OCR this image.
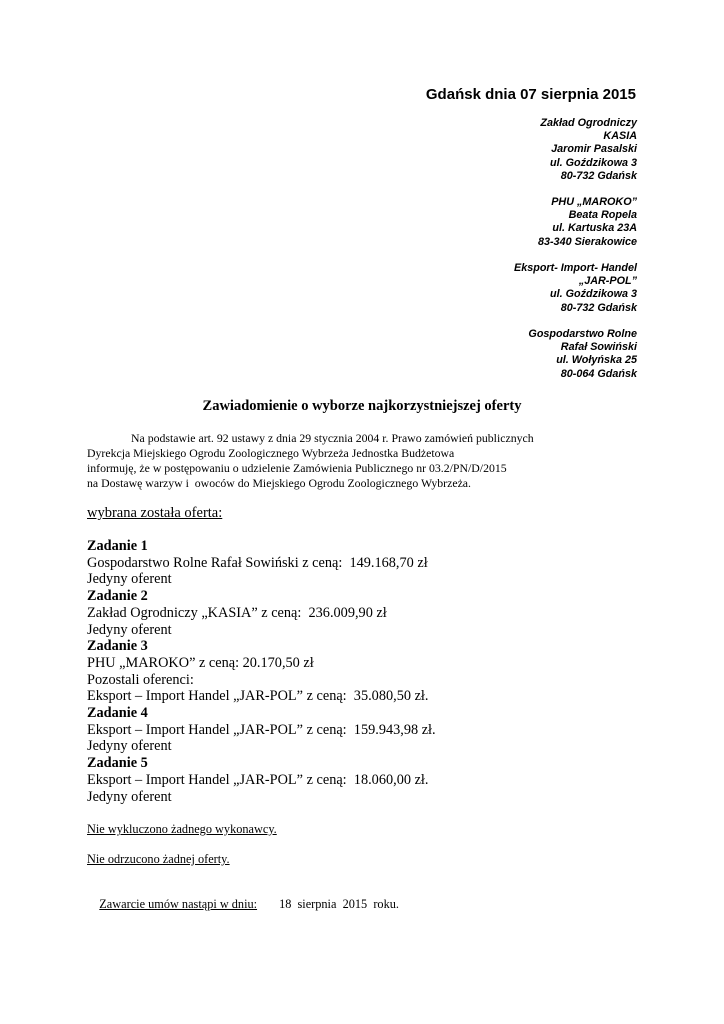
Gdańsk dnia 07 sierpnia 2015
Zakład Ogrodniczy
KASIA
Jaromir Pasalski
ul. Goździkowa 3
80-732 Gdańsk
PHU „MAROKO”
Beata Ropela
ul. Kartuska 23A
83-340 Sierakowice
Eksport- Import- Handel
„JAR-POL”
ul. Goździkowa 3
80-732 Gdańsk
Gospodarstwo Rolne
Rafał Sowiński
ul. Wołyńska 25
80-064 Gdańsk
Zawiadomienie o wyborze najkorzystniejszej oferty
Na podstawie art. 92 ustawy z dnia 29 stycznia 2004 r. Prawo zamówień publicznych
Dyrekcja Miejskiego Ogrodu Zoologicznego Wybrzeża Jednostka Budżetowa
informuję, że w postępowaniu o udzielenie Zamówienia Publicznego nr 03.2/PN/D/2015
na Dostawę warzyw i  owoców do Miejskiego Ogrodu Zoologicznego Wybrzeża.
wybrana została oferta:
Zadanie 1
Gospodarstwo Rolne Rafał Sowiński z ceną:  149.168,70 zł
Jedyny oferent
Zadanie 2
Zakład Ogrodniczy „KASIA” z ceną:  236.009,90 zł
Jedyny oferent
Zadanie 3
PHU „MAROKO” z ceną: 20.170,50 zł
Pozostali oferenci:
Eksport – Import Handel „JAR-POL” z ceną:  35.080,50 zł.
Zadanie 4
Eksport – Import Handel „JAR-POL” z ceną:  159.943,98 zł.
Jedyny oferent
Zadanie 5
Eksport – Import Handel „JAR-POL” z ceną:  18.060,00 zł.
Jedyny oferent
Nie wykluczono żadnego wykonawcy.
Nie odrzucono żadnej oferty.

Zawarcie umów nastąpi w dniu: 18  sierpnia  2015  roku.
